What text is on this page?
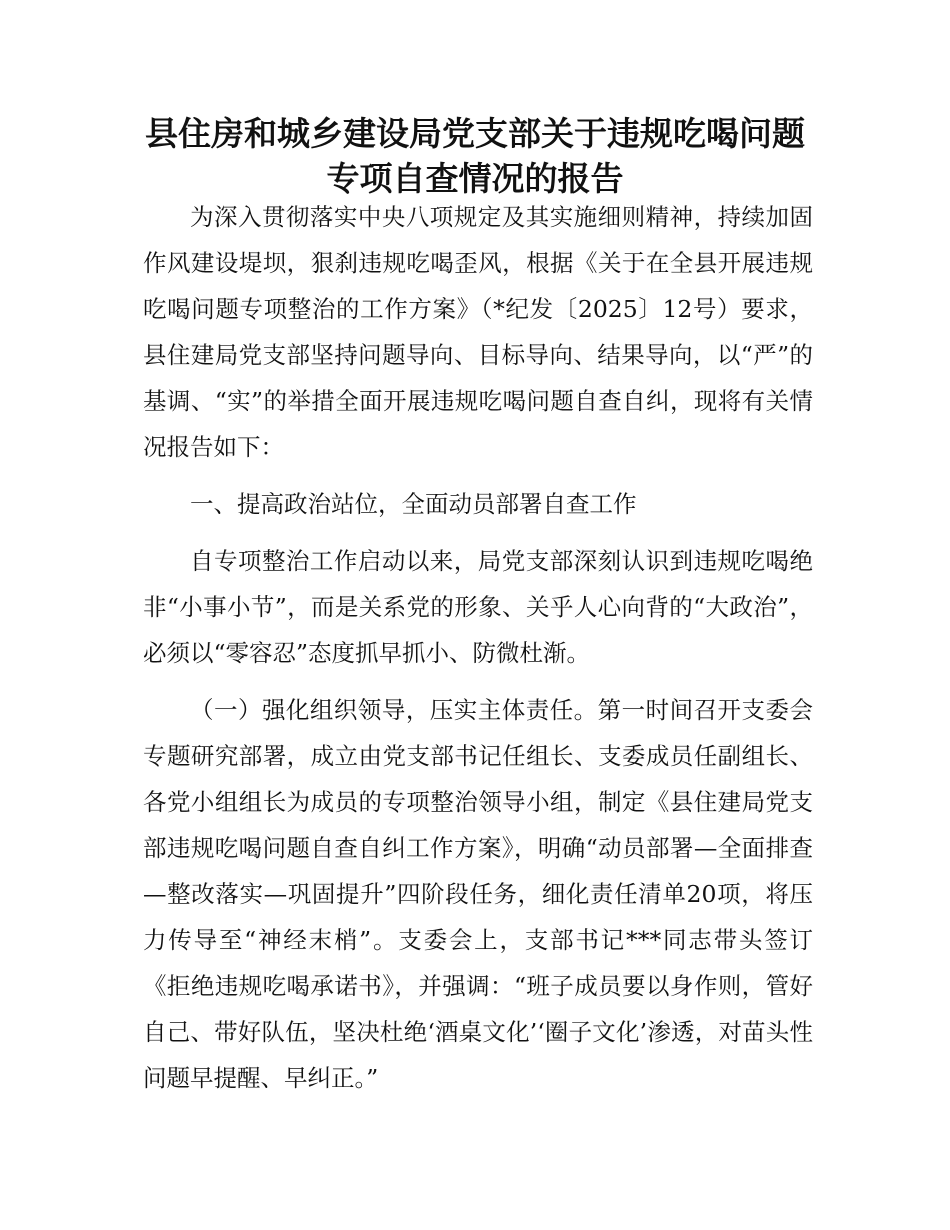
县住房和城乡建设局党支部关于违规吃喝问题
专项自查情况的报告

为深入贯彻落实中央八项规定及其实施细则精神，持续加固作风建设堤坝，狠刹违规吃喝歪风，根据《关于在全县开展违规吃喝问题专项整治的工作方案》（*纪发〔2025〕12号）要求，县住建局党支部坚持问题导向、目标导向、结果导向，以“严”的基调、“实”的举措全面开展违规吃喝问题自查自纠，现将有关情况报告如下：

一、提高政治站位，全面动员部署自查工作

自专项整治工作启动以来，局党支部深刻认识到违规吃喝绝非“小事小节”，而是关系党的形象、关乎人心向背的“大政治”，必须以“零容忍”态度抓早抓小、防微杜渐。

（一）强化组织领导，压实主体责任。第一时间召开支委会专题研究部署，成立由党支部书记任组长、支委成员任副组长、各党小组组长为成员的专项整治领导小组，制定《县住建局党支部违规吃喝问题自查自纠工作方案》，明确“动员部署—全面排查—整改落实—巩固提升”四阶段任务，细化责任清单20项，将压力传导至“神经末梢”。支委会上，支部书记***同志带头签订《拒绝违规吃喝承诺书》，并强调：“班子成员要以身作则，管好自己、带好队伍，坚决杜绝‘酒桌文化’‘圈子文化’渗透，对苗头性问题早提醒、早纠正。”
